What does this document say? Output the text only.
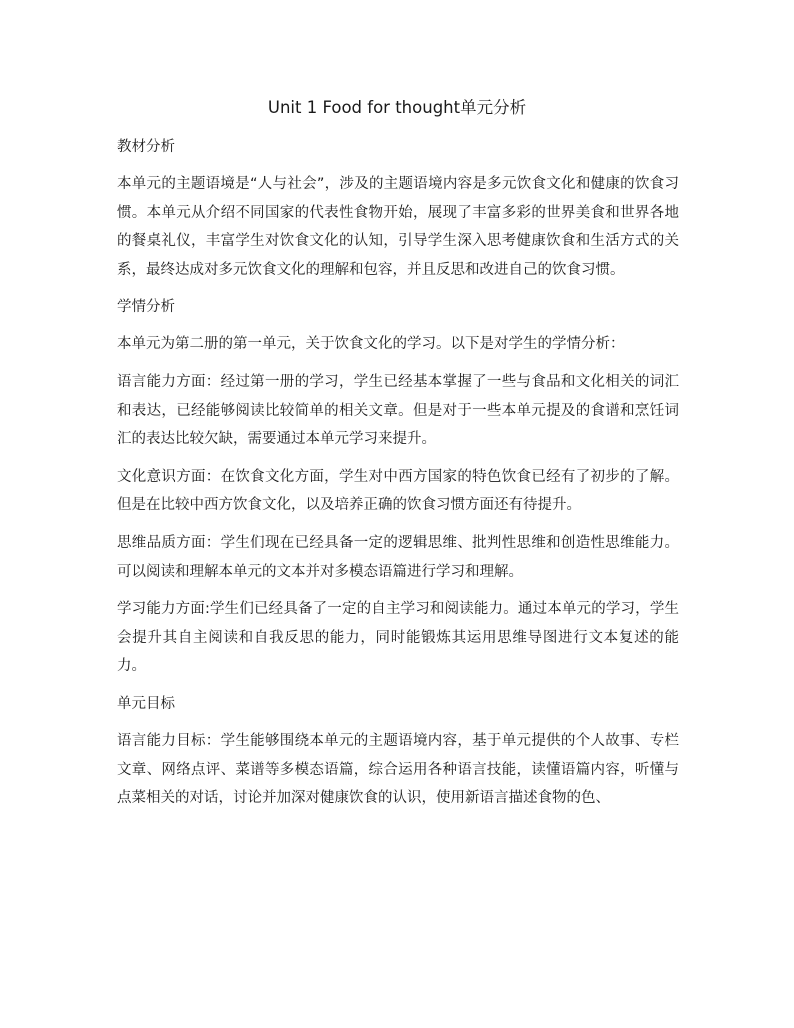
Unit 1 Food for thought单元分析
教材分析

本单元的主题语境是“人与社会”，涉及的主题语境内容是多元饮食文化和健康的饮食习惯。本单元从介绍不同国家的代表性食物开始，展现了丰富多彩的世界美食和世界各地的餐桌礼仪，丰富学生对饮食文化的认知，引导学生深入思考健康饮食和生活方式的关系，最终达成对多元饮食文化的理解和包容，并且反思和改进自己的饮食习惯。

学情分析

本单元为第二册的第一单元，关于饮食文化的学习。以下是对学生的学情分析：

语言能力方面：经过第一册的学习，学生已经基本掌握了一些与食品和文化相关的词汇和表达，已经能够阅读比较简单的相关文章。但是对于一些本单元提及的食谱和烹饪词汇的表达比较欠缺，需要通过本单元学习来提升。

文化意识方面：在饮食文化方面，学生对中西方国家的特色饮食已经有了初步的了解。但是在比较中西方饮食文化，以及培养正确的饮食习惯方面还有待提升。

思维品质方面：学生们现在已经具备一定的逻辑思维、批判性思维和创造性思维能力。可以阅读和理解本单元的文本并对多模态语篇进行学习和理解。

学习能力方面:学生们已经具备了一定的自主学习和阅读能力。通过本单元的学习，学生会提升其自主阅读和自我反思的能力，同时能锻炼其运用思维导图进行文本复述的能力。

单元目标

语言能力目标：学生能够围绕本单元的主题语境内容，基于单元提供的个人故事、专栏文章、网络点评、菜谱等多模态语篇，综合运用各种语言技能，读懂语篇内容，听懂与点菜相关的对话，讨论并加深对健康饮食的认识，使用新语言描述食物的色、
